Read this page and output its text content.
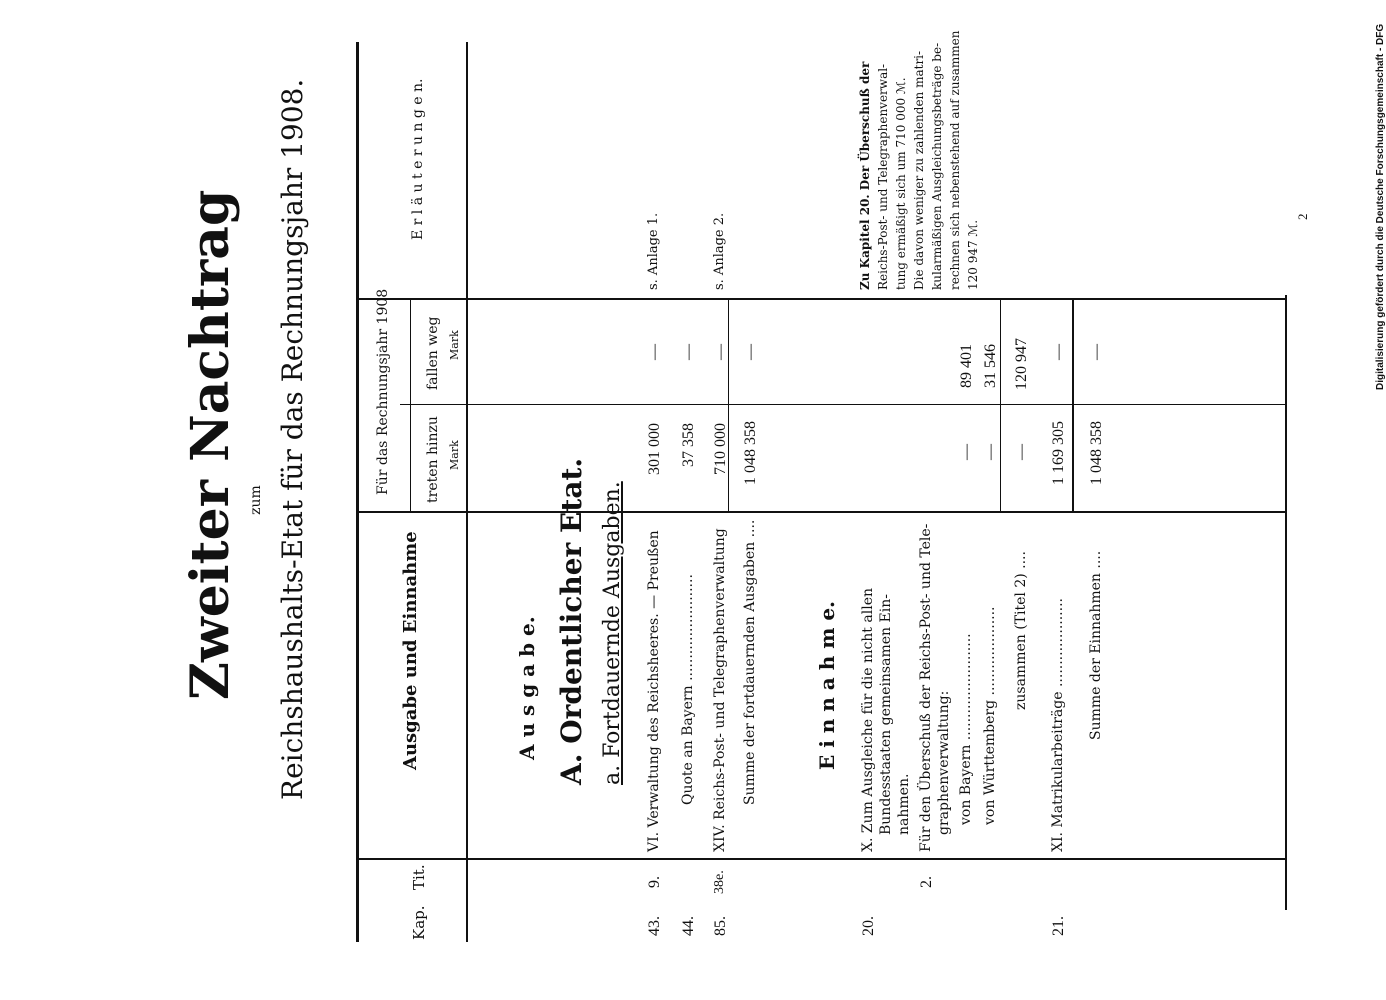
Zweiter Nachtrag zum Reichshaushalts-Etat für das Rechnungsjahr 1908.
Kap.
Tit.
Ausgabe und Einnahme
Für das Rechnungsjahr 1908 treten hinzu Mark
fallen weg Mark
E r l ä u t e r u n g e n.
A u s g a b e. A. Ordentlicher Etat. a. Fortdauernde Ausgaben.
43.
9.
VI. Verwaltung des Reichsheeres. — Preußen
301 000
—
s. Anlage 1.
44.
Quote an Bayern ........................
37 358
—
85.
38e.
XIV. Reichs-Post- und Telegraphenverwaltung
710 000
—
s. Anlage 2.
Summe der fortdauernden Ausgaben ....
1 048 358
—
E i n n a h m e.
20.
X. Zum Ausgleiche für die nicht allen Bundesstaaten gemeinsamen Ein- nahmen.
2.
Für den Überschuß der Reichs-Post- und Tele- graphenverwaltung: von Bayern ........................
—
89 401
von Württemberg ....................
—
31 546
zusammen (Titel 2) ....
—
120 947
21.
XI. Matrikularbeiträge ....................
1 169 305
—
Summe der Einnahmen ....
1 048 358
—
Zu Kapitel 20. Der Überschuß der Reichs-Post- und Telegraphenverwal- tung ermäßigt sich um 710 000 ℳ. Die davon weniger zu zahlenden matri- kularmäßigen Ausgleichungsbeträge be- rechnen sich nebenstehend auf zusammen 120 947 ℳ.
2	Digitalisierung gefördert durch die Deutsche Forschungsgemeinschaft - DFG
